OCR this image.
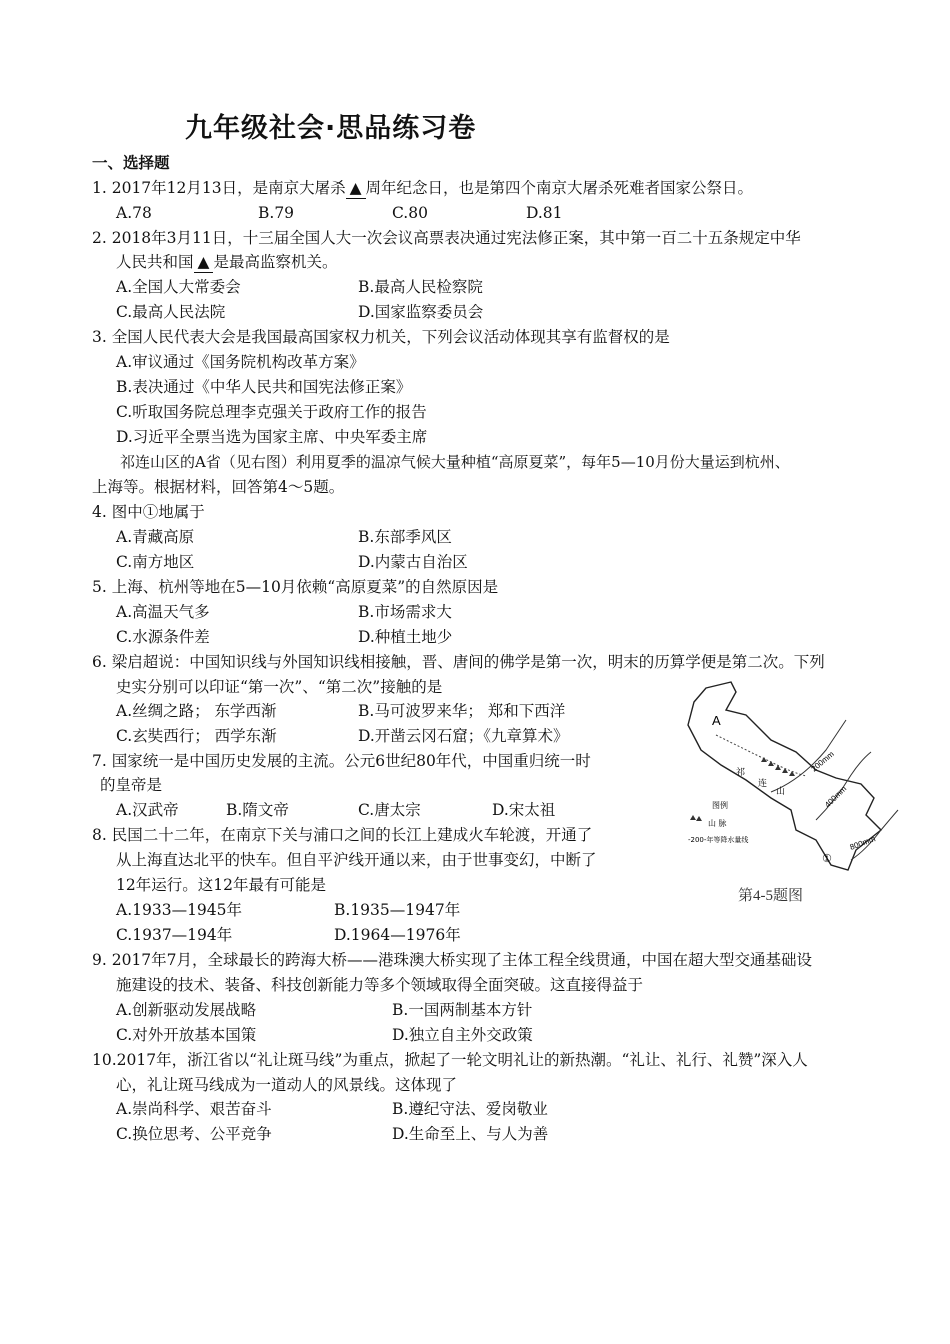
九年级社会·思品练习卷
一、选择题
1. 2017年12月13日，是南京大屠杀 ▲ 周年纪念日，也是第四个南京大屠杀死难者国家公祭日。
A.78	B.79	C.80	D.81
2. 2018年3月11日，十三届全国人大一次会议高票表决通过宪法修正案，其中第一百二十五条规定中华
人民共和国 ▲ 是最高监察机关。
A.全国人大常委会	B.最高人民检察院
C.最高人民法院	D.国家监察委员会
3. 全国人民代表大会是我国最高国家权力机关，下列会议活动体现其享有监督权的是
A.审议通过《国务院机构改革方案》
B.表决通过《中华人民共和国宪法修正案》
C.听取国务院总理李克强关于政府工作的报告
D.习近平全票当选为国家主席、中央军委主席
祁连山区的A省（见右图）利用夏季的温凉气候大量种植“高原夏菜”，每年5—10月份大量运到杭州、
上海等。根据材料，回答第4～5题。
4. 图中①地属于
A.青藏高原	B.东部季风区
C.南方地区	D.内蒙古自治区
5. 上海、杭州等地在5—10月依赖“高原夏菜”的自然原因是
A.高温天气多	B.市场需求大
C.水源条件差	D.种植土地少
6. 梁启超说：中国知识线与外国知识线相接触，晋、唐间的佛学是第一次，明末的历算学便是第二次。下列
史实分别可以印证“第一次”、“第二次”接触的是
A.丝绸之路； 东学西渐	B.马可波罗来华； 郑和下西洋
C.玄奘西行； 西学东渐	D.开凿云冈石窟；《九章算术》
7. 国家统一是中国历史发展的主流。公元6世纪80年代，中国重归统一时
的皇帝是
A.汉武帝	B.隋文帝	C.唐太宗	D.宋太祖
8. 民国二十二年，在南京下关与浦口之间的长江上建成火车轮渡，开通了
从上海直达北平的快车。但自平沪线开通以来，由于世事变幻，中断了
12年运行。这12年最有可能是
A.1933—1945年	B.1935—1947年
C.1937—194年	D.1964—1976年
9. 2017年7月，全球最长的跨海大桥——港珠澳大桥实现了主体工程全线贯通，中国在超大型交通基础设
施建设的技术、装备、科技创新能力等多个领域取得全面突破。这直接得益于
A.创新驱动发展战略	B.一国两制基本方针
C.对外开放基本国策	D.独立自主外交政策
10.2017年，浙江省以“礼让斑马线”为重点，掀起了一轮文明礼让的新热潮。“礼让、礼行、礼赞”深入人
心，礼让斑马线成为一道动人的风景线。这体现了
A.崇尚科学、艰苦奋斗	B.遵纪守法、爱岗敬业
C.换位思考、公平竞争	D.生命至上、与人为善
A
祁
连
山
200mm
400mm
800mm
图例
山 脉
-200-年等降水量线
①
第4-5题图
